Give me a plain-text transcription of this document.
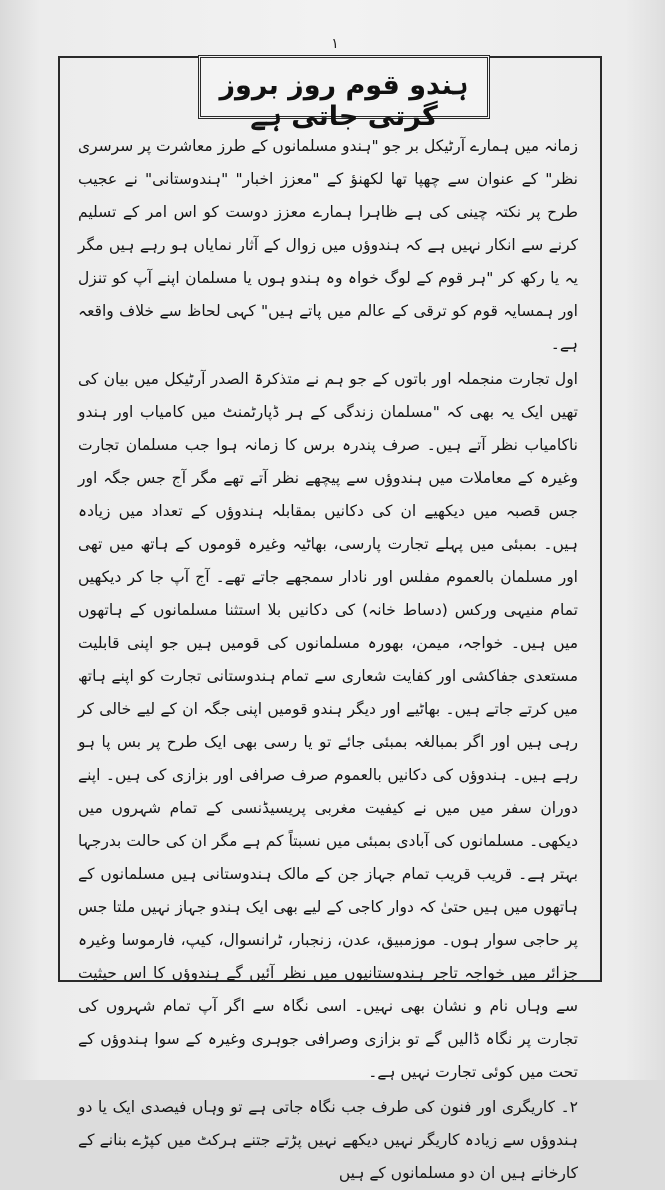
۱
ہندو قوم روز بروز گرتی جاتی ہے

زمانہ میں ہمارے آرٹیکل بر جو "ہندو مسلمانوں کے طرز معاشرت پر سرسری نظر" کے عنوان سے چھپا تھا لکھنؤ کے "معزز اخبار" "ہندوستانی" نے عجیب طرح پر نکتہ چینی کی ہے ظاہرا ہمارے معزز دوست کو اس امر کے تسلیم کرنے سے انکار نہیں ہے کہ ہندوؤں میں زوال کے آثار نمایاں ہو رہے ہیں مگر یہ یا رکھ کر "ہر قوم کے لوگ خواہ وہ ہندو ہوں یا مسلمان اپنے آپ کو تنزل اور ہمسایہ قوم کو ترقی کے عالم میں پاتے ہیں" کہی لحاظ سے خلاف واقعہ ہے۔

اول تجارت منجملہ اور باتوں کے جو ہم نے متذکرۃ الصدر آرٹیکل میں بیان کی تھیں ایک یہ بھی کہ "مسلمان زندگی کے ہر ڈپارٹمنٹ میں کامیاب اور ہندو ناکامیاب نظر آتے ہیں۔ صرف پندرہ برس کا زمانہ ہوا جب مسلمان تجارت وغیرہ کے معاملات میں ہندوؤں سے پیچھے نظر آتے تھے مگر آج جس جگہ اور جس قصبہ میں دیکھیے ان کی دکانیں بمقابلہ ہندوؤں کے تعداد میں زیادہ ہیں۔ بمبئی میں پہلے تجارت پارسی، بھاٹیہ وغیرہ قوموں کے ہاتھ میں تھی اور مسلمان بالعموم مفلس اور نادار سمجھے جاتے تھے۔ آج آپ جا کر دیکھیں تمام منیہی ورکس (دساط خانہ) کی دکانیں بلا استثنا مسلمانوں کے ہاتھوں میں ہیں۔ خواجہ، میمن، بھورہ مسلمانوں کی قومیں ہیں جو اپنی قابلیت مستعدی جفاکشی اور کفایت شعاری سے تمام ہندوستانی تجارت کو اپنے ہاتھ میں کرتے جاتے ہیں۔ بھاٹیے اور دیگر ہندو قومیں اپنی جگہ ان کے لیے خالی کر رہی ہیں اور اگر بمبالغہ بمبئی جائے تو یا رسی بھی ایک طرح پر بس پا ہو رہے ہیں۔ ہندوؤں کی دکانیں بالعموم صرف صرافی اور بزازی کی ہیں۔ اپنے دوران سفر میں میں نے کیفیت مغربی پریسیڈنسی کے تمام شہروں میں دیکھی۔ مسلمانوں کی آبادی بمبئی میں نسبتاً کم ہے مگر ان کی حالت بدرجہا بہتر ہے۔ قریب قریب تمام جہاز جن کے مالک ہندوستانی ہیں مسلمانوں کے ہاتھوں میں ہیں حتیٰ کہ دوار کاجی کے لیے بھی ایک ہندو جہاز نہیں ملتا جس پر حاجی سوار ہوں۔ موزمبیق، عدن، زنجبار، ٹرانسوال، کیپ، فارموسا وغیرہ جزائر میں خواجہ تاجر ہندوستانیوں میں نظر آئیں گے ہندوؤں کا اس حیثیت سے وہاں نام و نشان بھی نہیں۔ اسی نگاہ سے اگر آپ تمام شہروں کی تجارت پر نگاہ ڈالیں گے تو بزازی وصرافی جوہری وغیرہ کے سوا ہندوؤں کے تحت میں کوئی تجارت نہیں ہے۔

۲۔ کاریگری اور فنون کی طرف جب نگاہ جاتی ہے تو وہاں فیصدی ایک یا دو ہندوؤں سے زیادہ کاریگر نہیں دیکھے نہیں پڑتے جتنے ہرکٹ میں کپڑے بنانے کے کارخانے ہیں ان دو مسلمانوں کے ہیں
